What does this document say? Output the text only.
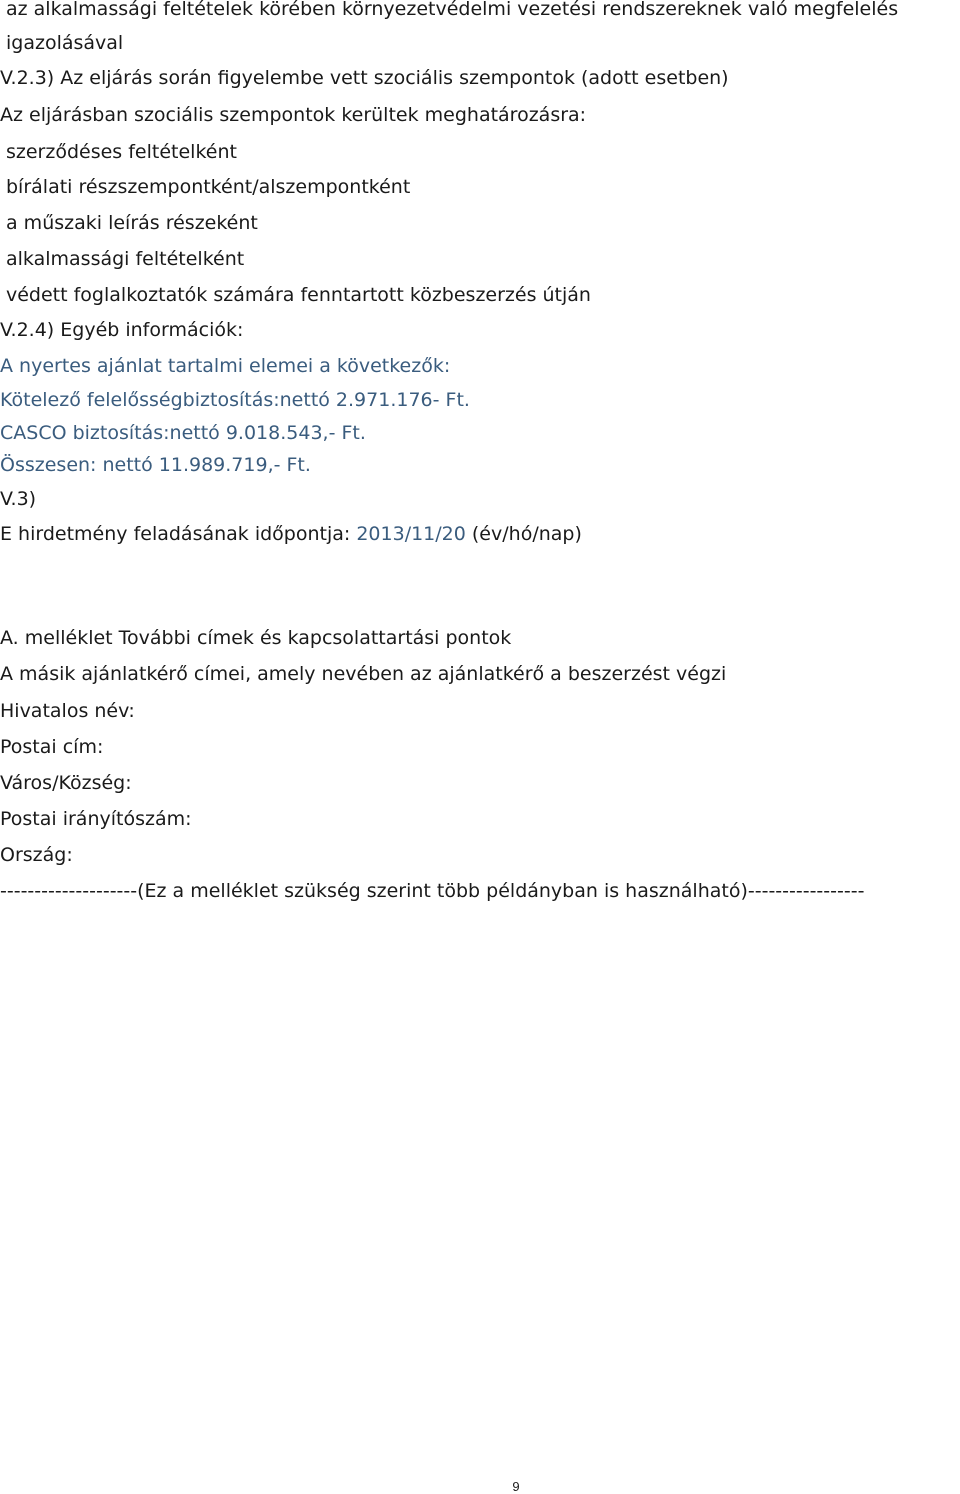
az alkalmassági feltételek körében környezetvédelmi vezetési rendszereknek való megfelelés
igazolásával
V.2.3) Az eljárás során figyelembe vett szociális szempontok (adott esetben)
Az eljárásban szociális szempontok kerültek meghatározásra:
szerződéses feltételként
bírálati részszempontként/alszempontként
a műszaki leírás részeként
alkalmassági feltételként
védett foglalkoztatók számára fenntartott közbeszerzés útján
V.2.4) Egyéb információk:
A nyertes ajánlat tartalmi elemei a következők:
Kötelező felelősségbiztosítás:nettó 2.971.176- Ft.
CASCO biztosítás:nettó 9.018.543,- Ft.
Összesen: nettó 11.989.719,- Ft.
V.3)
E hirdetmény feladásának időpontja: 2013/11/20 (év/hó/nap)
A. melléklet További címek és kapcsolattartási pontok
A másik ajánlatkérő címei, amely nevében az ajánlatkérő a beszerzést végzi
Hivatalos név:
Postai cím:
Város/Község:
Postai irányítószám:
Ország:
--------------------(Ez a melléklet szükség szerint több példányban is használható)-----------------
9
